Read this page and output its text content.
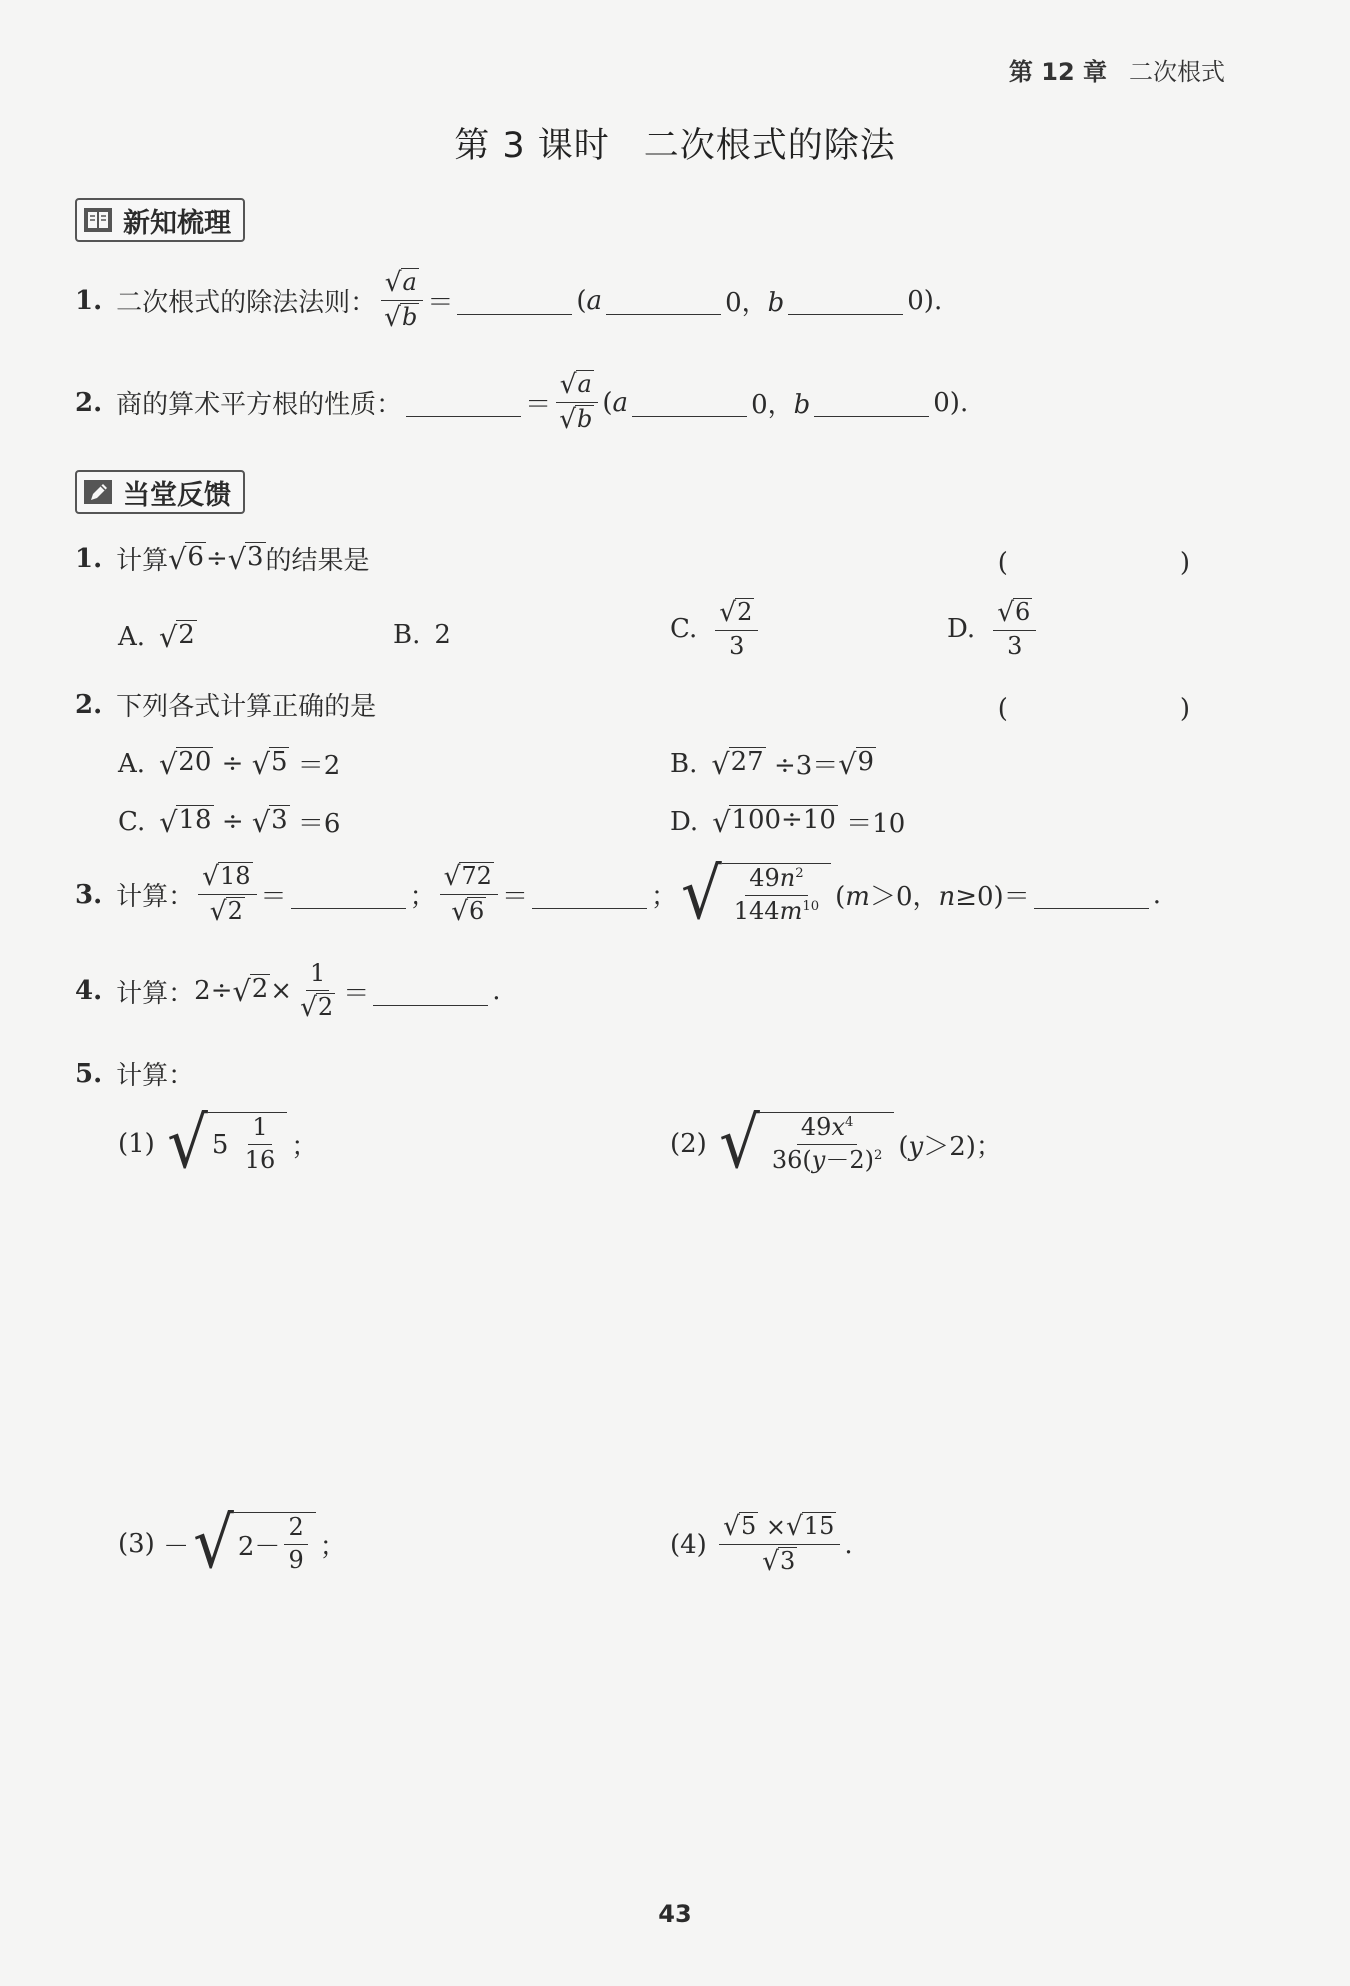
第 12 章 二次根式
第 3 课时 二次根式的除法
新知梳理
1. 二次根式的除法法则： $\frac{√ a}{√ b}$ ＝	(a	0，b	0).
2. 商的算术平方根的性质：	＝ $\frac{√ a}{√ b} (a$	0，b	0).
当堂反馈
1. 计算 √ 6 ÷ √ 3 的结果是	(　　)
A. √ 2	B. 2	C. $\frac{√ 2}{3}$	D. $\frac{√ 6}{3}$
2. 下列各式计算正确的是	(　　)
A. √ 20 ÷ √ 5 ＝2	B. √ 27 ÷3＝ √ 9
C. √ 18 ÷ √ 3 ＝6	D. √ 100÷10 ＝10
3. 计算： $\frac{√ 18}{√ 2}$ ＝	； $\frac{√ 72}{√ 6}$ ＝	； √ $\frac{49n^2}{144m^{10}} (m>0$，n≥0)＝	.
4. 计算： 2÷ √ $2 \times \frac{1}{√ 2}$ ＝	.
5. 计算：
(1)
√ $5 \frac{1}{16}$ ；	(2)
√ $\frac{49x^4}{36(y-2)^2} (y>2)$；
(3) － √ $2- \frac{2}{9}$ ；	(4)
$\frac{√ 5 \times √ 15}{√ 3}$ .
43
